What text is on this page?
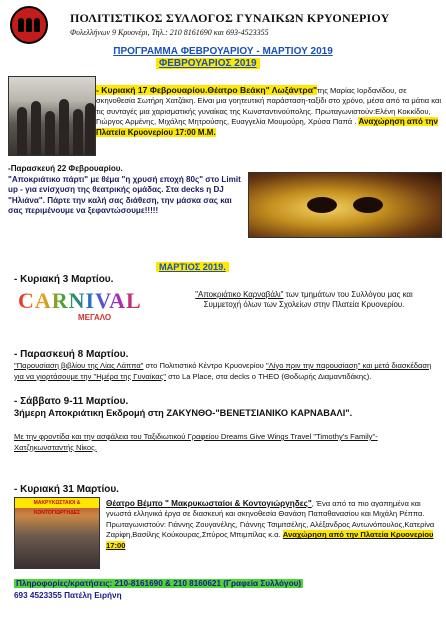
ΠΟΛΙΤΙΣΤΙΚΟΣ ΣΥΛΛΟΓΟΣ ΓΥΝΑΙΚΩΝ ΚΡΥΟΝΕΡΙΟΥ
Φυλελλήνων 9 Κρυονέρι, Τηλ.: 210 8161690 και 693-4523355
ΠΡΟΓΡΑΜΜΑ ΦΕΒΡΟΥΑΡΙΟΥ - ΜΑΡΤΙΟΥ 2019
ΦΕΒΡΟΥΑΡΙΟΣ 2019
- Κυριακή 17 Φεβρουαρίου.Θέατρο Βεάκη" Λωξάντρα"της Μαρίας Ιορδανίδου, σε σκηνοθεσία Σωτήρη Χατζάκη. Είναι μια γοητευτική παράσταση-ταξίδι στο χρόνο, μέσα από τα μάτια και τις συνταγές μια χαρισματικής γυναίκας της Κωνσταντινούπολης. Πρωταγωνιστούν:Ελένη Κοκκίδου, Γιώργος Αρμένης, Μιχάλης Μητρούσης, Ευαγγελία Μουμούρη, Χρύσα Παπά . Αναχώρηση από την Πλατεία Κρυονερίου 17:00 Μ.Μ.
-Παρασκευή 22 Φεβρουαρίου.
"Αποκριάτικο πάρτι" με θέμα "η χρυσή εποχή 80ς" στο Limit up - για ενίσχυση της θεατρικής ομάδας. Στα decks η DJ "Ηλιάνα". Πάρτε την καλή σας διάθεση, την μάσκα σας και σας περιμένουμε να ξεφαντώσουμε!!!!!
ΜΑΡΤΙΟΣ 2019.
- Κυριακή 3 Μαρτίου.
CARNIVAL
ΜΕΓΑΛΟ
"Αποκριάτικο Καρναβάλι" των τμημάτων του Συλλόγου μας και Συμμετοχή όλων των Σχολείων στην Πλατεία Κρυονερίου.
- Παρασκευή 8 Μαρτίου.
"Παρουσίαση βιβλίου της Λίας Λάππα" στο Πολιτιστικό Κέντρο Κρυονερίου "Λίγο πριν την παρουσίαση" και μετά διασκέδαση για να γιορτάσουμε την "Ημέρα της Γυναίκας" στο La Place, στα decks ο THEO (Θοδωρής Διαμαντιδάκης).
- Σάββατο 9-11 Μαρτίου.
3ήμερη Αποκριάτικη Εκδρομή στη ΖΑΚΥΝΘΟ-"ΒΕΝΕΤΣΙΑΝΙΚΟ ΚΑΡΝΑΒΑΛΙ".
Με την φροντίδα και την ασφάλεια του Ταξιδιωτικού Γραφείου Dreams Give Wings Travel "Timothy's Family"-Χατζηκωνσταντής Νίκος.
- Κυριακή 31 Μαρτίου.
ΜΑΚΡΥΚΩΣΤΑΙΟΙ & ΚΟΝΤΟΓΙΩΡΓΗΔΕΣ
Θέατρο Βέμπο " Μακρυκωσταίοι & Κοντογιώργηδες", Ένα από τα πιο αγαπημένα και γνωστά ελληνικά έργα σε διασκευή και σκηνοθεσία Θανάση Παπαθανασίου και Μιχάλη Ρέππα. Πρωταγωνιστούν: Γιάννης Ζουγανέλης, Γιάννης Τσιμιτσέλης, Αλέξανδρος Αντωνόπουλος,Κατερίνα Ζαρίφη,Βασίλης Κούκουρας,Σπύρος Μπιμπίλας κ.α. Αναχώρηση από την Πλατεία Κρυονερίου 17:00
Πληροφορίες/κρατήσεις: 210-8161690 & 210 8160621 (Γραφεία Συλλόγου)
693 4523355 Πατέλη Ειρήνη
